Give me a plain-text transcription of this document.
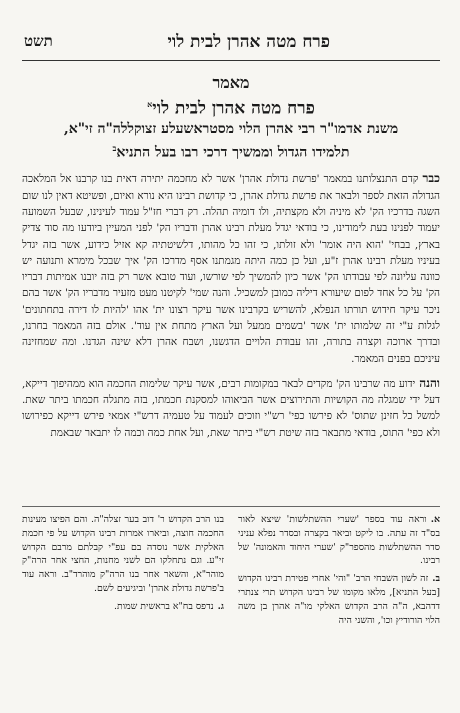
פרח מטה אהרן לבית לוי
תשט
מאמר
פרח מטה אהרן לבית לוי$^א$
משנת אדמו"ר רבי אהרן הלוי מסטראשעלע זצוקללה"ה זי"א,
תלמידו הגדול וממשיך דרכי רבו בעל התניא$^ב$
כברקדם התנצלותנו במאמר 'פרשת גדולת אהרן' אשר לא מחכמה יתירה דאית בנו קרבנו אל המלאכה הגדולה הזאת לספר ולבאר את פרשת גדולת אהרן, כי קדושת רבינו היא נורא ואיום, ופשיטא דאין לנו שום השגה בדרכיו הק' לא מיניה ולא מקצתיה, ולו דומיה תהלה. רק דברי חז"ל עמוד לעינינו, שבעל השמועה יעמוד לפנינו בעת לימודינו, כי בודאי יגדל מעלת רבינו אהרן ודבריו הק' לפני המעיין ביודעו מה סוד צדיק בארץ, בבחי' 'הוא היה אומר' ולא זולתו, כי זהו כל מהותו, דלשיטתיה קא אזיל כידוע, אשר בזה יגדל בעיניו מעלת רבינו אהרן ז"ע, ועל כן כמה היתה מגמתנו אסף מדרכו הק' איך שבכל מימרא ותנועה יש כוונה עליונה לפי עבודתו הק' אשר כיון להמשיך לפי שורשו, ועוד טובא אשר רק בזה יובנו אמיתות דבריו הק' על כל אחד לפום שיעורא דיליה כמובן למשכיל. והנה שמי' לקיטנו מעט מזעיר מדבריו הק' אשר בהם ניכר עיקר חידוש תורתו הנפלא, להשריש בקרבינו אשר עיקר רצונו ית' אהו 'להיות לו דירה בתחתונים' לגלות ע"י זה שלמותו ית' אשר 'בשמים ממעל ועל הארץ מתחת אין עוד'. אולם בזה המאמר בחרנו, ובדרך ארוכה וקצרה בתורה, זהו עבודת הלויים הדגשנו, ושבח אהרן דלא שינה הגדנו. ומה שמחזינה עיניכם בפנים המאמר.
והנהידוע מה שרבינו הק' מקדים לבאר במקומות רבים, אשר עיקר שלימות החכמה הוא ממהיפוך דייקא, דעל ידי שמגלה מה הקושיות והתירוצים אשר הביאוהו למסקנת חכמתו, בזה מתגלה חכמתו ביתר שאת. למשל כל חזינן שתוס' לא פירשו כפי' רש"י וזוכים לעמוד על טעמיה דרש"י אמאי פירש דייקא כפירושו ולא כפי' התוס, בודאי מתבאר בזה שיטת רש"י ביתר שאת, ועל אחת כמה וכמה לו יתבאר שבאמת

א.וראה עוד בספר 'שערי ההשתלשות' שיצא לאור בס"ד זה עתה. בו ליקט וביאר בקצרה ובסדר נפלא עניני סדר ההשתלשות מהספר"ק 'שערי היחוד והאמונה' של רבינו.

ב.זה לשון השבחי הרב' "והי' אחרי פטירת רבינו הקדוש [בעל התניא], מלאו מקומו של רבינו הקדוש תרי צנתרי דדהבא, ה"ה הרב הקדוש האלקי מו"ה אהרן בן משה הלוי הורודיץ וכו', והשני היה

בנו הרב הקדוש ר' דוב בער זצלה"ה. והם הפיצו מעינות החכמה חוצה, וביארו אמרות רבינו הקדוש על פי חכמת האלקית אשר נוסדה בם עפ"י קבלתם מרבם הקדוש זי"ע. וגם נתחלקו הם לשני מחנות, החצי אחר הרה"ק מוהר"א, והשאר אחר בנו הרה"ק מוהרד"ב. וראה עוד ב'פרשת גדולת אהרן' וביגיעים לשם.

ג.נדפס בח"א בראשית שמות.
